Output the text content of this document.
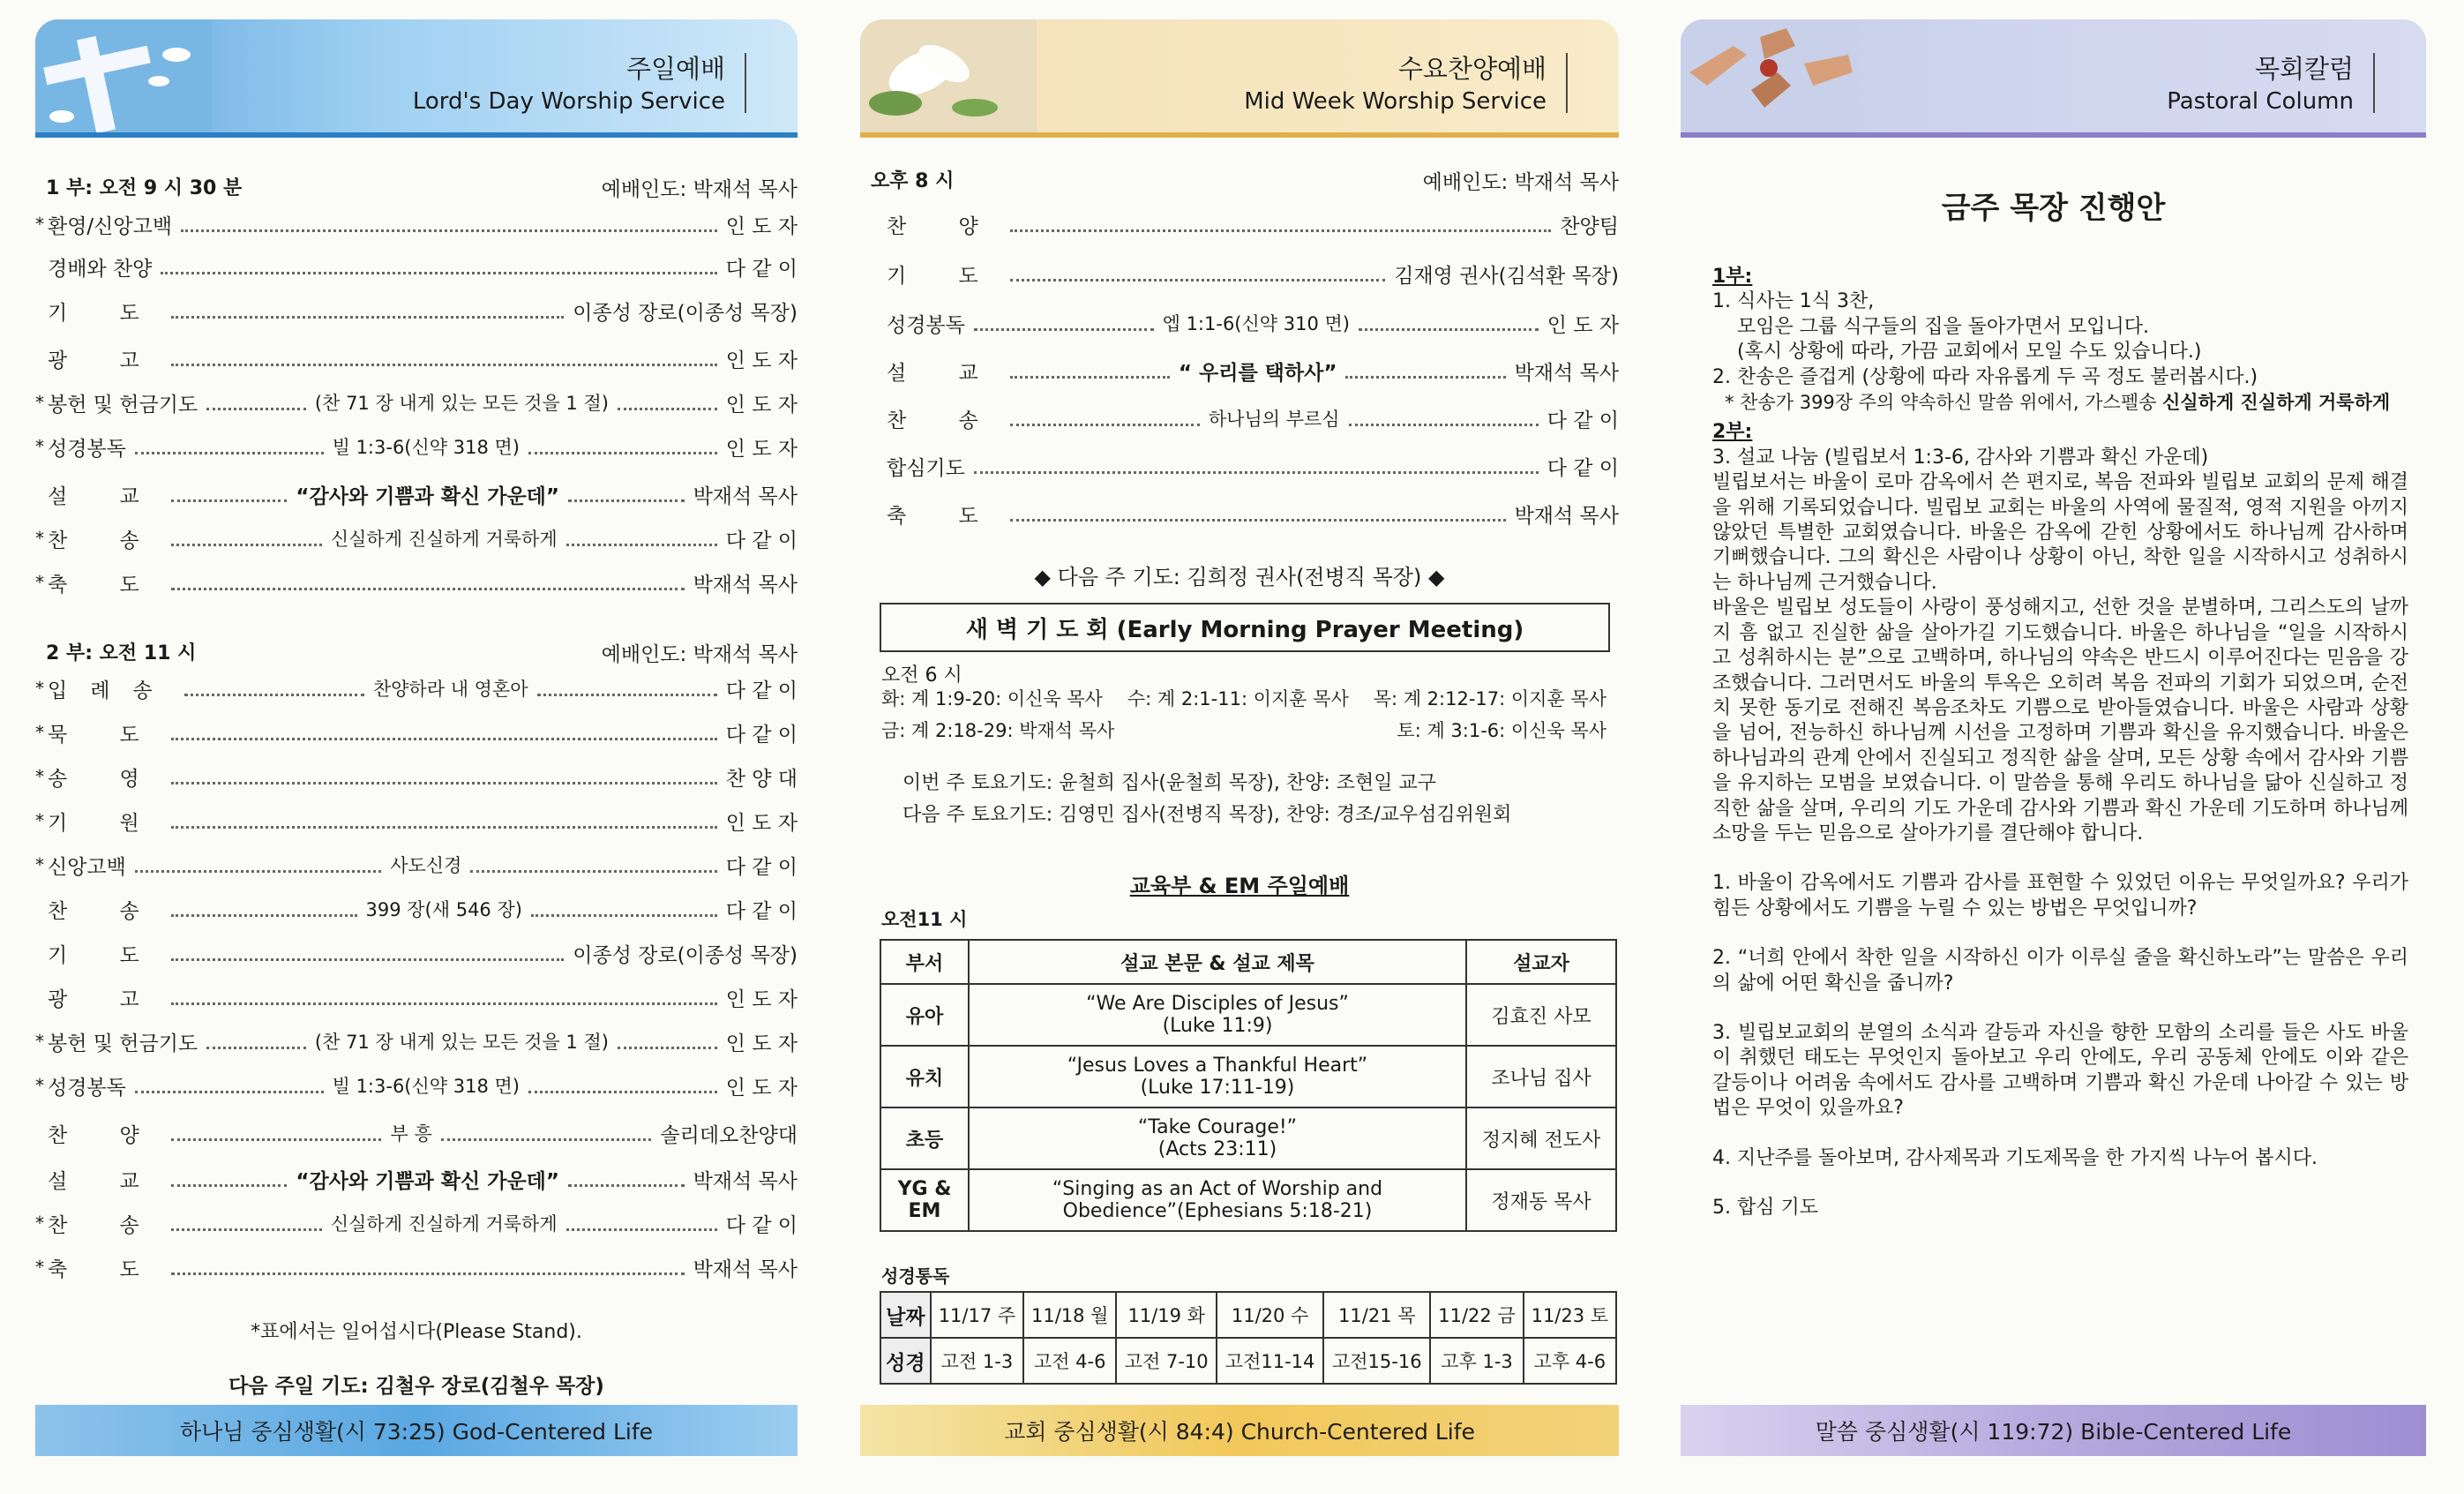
주일예배
Lord's Day Worship Service
1 부: 오전 9 시 30 분	예배인도: 박재석 목사
* 환영/신앙고백	인 도 자
경배와 찬양	다 같 이
기 도	이종성 장로(이종성 목장)
광 고	인 도 자
* 봉헌 및 헌금기도	(찬 71 장 내게 있는 모든 것을 1 절)	인 도 자
* 성경봉독	빌 1:3-6(신약 318 면)	인 도 자
설 교	“감사와 기쁨과 확신 가운데”	박재석 목사
* 찬 송	신실하게 진실하게 거룩하게	다 같 이
* 축 도	박재석 목사
2 부: 오전 11 시	예배인도: 박재석 목사
* 입례송	찬양하라 내 영혼아	다 같 이
* 묵 도	다 같 이
* 송 영	찬 양 대
* 기 원	인 도 자
* 신앙고백	사도신경	다 같 이
찬 송	399 장(새 546 장)	다 같 이
기 도	이종성 장로(이종성 목장)
광 고	인 도 자
* 봉헌 및 헌금기도	(찬 71 장 내게 있는 모든 것을 1 절)	인 도 자
* 성경봉독	빌 1:3-6(신약 318 면)	인 도 자
찬 양	부 흥	솔리데오찬양대
설 교	“감사와 기쁨과 확신 가운데”	박재석 목사
* 찬 송	신실하게 진실하게 거룩하게	다 같 이
* 축 도	박재석 목사
*표에서는 일어섭시다(Please Stand).
다음 주일 기도: 김철우 장로(김철우 목장)
하나님 중심생활(시 73:25) God-Centered Life
수요찬양예배
Mid Week Worship Service
오후 8 시	예배인도: 박재석 목사
찬 양	찬양팀
기 도	김재영 권사(김석환 목장)
성경봉독	엡 1:1-6(신약 310 면)	인 도 자
설 교	“ 우리를 택하사”	박재석 목사
찬 송	하나님의 부르심	다 같 이
합심기도	다 같 이
축 도	박재석 목사
◆ 다음 주 기도: 김희정 권사(전병직 목장) ◆
새 벽 기 도 회 (Early Morning Prayer Meeting)
오전 6 시
화: 계 1:9-20: 이신욱 목사 수: 계 2:1-11: 이지훈 목사 목: 계 2:12-17: 이지훈 목사
금: 계 2:18-29: 박재석 목사	토: 계 3:1-6: 이신욱 목사
이번 주 토요기도: 윤철희 집사(윤철희 목장), 찬양: 조현일 교구
다음 주 토요기도: 김영민 집사(전병직 목장), 찬양: 경조/교우섬김위원회
교육부 & EM 주일예배
오전11 시
부서	설교 본문 & 설교 제목	설교자
유아	“We Are Disciples of Jesus”
(Luke 11:9)	김효진 사모
유치	“Jesus Loves a Thankful Heart”
(Luke 17:11-19)	조나님 집사
초등	“Take Courage!”
(Acts 23:11)	정지혜 전도사
YG & EM	“Singing as an Act of Worship and
Obedience”(Ephesians 5:18-21)	정재동 목사
성경통독
날짜	11/17 주	11/18 월	11/19 화	11/20 수	11/21 목	11/22 금	11/23 토
성경	고전 1-3	고전 4-6	고전 7-10	고전11-14	고전15-16	고후 1-3	고후 4-6
교회 중심생활(시 84:4) Church-Centered Life
목회칼럼
Pastoral Column
금주 목장 진행안

1부:

1. 식사는 1식 3찬,

모임은 그룹 식구들의 집을 돌아가면서 모입니다.

(혹시 상황에 따라, 가끔 교회에서 모일 수도 있습니다.)

2. 찬송은 즐겁게 (상황에 따라 자유롭게 두 곡 정도 불러봅시다.)

* 찬송가 399장 주의 약속하신 말씀 위에서, 가스펠송 신실하게 진실하게 거룩하게

2부:

3. 설교 나눔 (빌립보서 1:3-6, 감사와 기쁨과 확신 가운데)

빌립보서는 바울이 로마 감옥에서 쓴 편지로, 복음 전파와 빌립보 교회의 문제 해결을 위해 기록되었습니다. 빌립보 교회는 바울의 사역에 물질적, 영적 지원을 아끼지 않았던 특별한 교회였습니다. 바울은 감옥에 갇힌 상황에서도 하나님께 감사하며 기뻐했습니다. 그의 확신은 사람이나 상황이 아닌, 착한 일을 시작하시고 성취하시는 하나님께 근거했습니다.

바울은 빌립보 성도들이 사랑이 풍성해지고, 선한 것을 분별하며, 그리스도의 날까지 흠 없고 진실한 삶을 살아가길 기도했습니다. 바울은 하나님을 “일을 시작하시고 성취하시는 분”으로 고백하며, 하나님의 약속은 반드시 이루어진다는 믿음을 강조했습니다. 그러면서도 바울의 투옥은 오히려 복음 전파의 기회가 되었으며, 순전치 못한 동기로 전해진 복음조차도 기쁨으로 받아들였습니다. 바울은 사람과 상황을 넘어, 전능하신 하나님께 시선을 고정하며 기쁨과 확신을 유지했습니다. 바울은 하나님과의 관계 안에서 진실되고 정직한 삶을 살며, 모든 상황 속에서 감사와 기쁨을 유지하는 모범을 보였습니다. 이 말씀을 통해 우리도 하나님을 닮아 신실하고 정직한 삶을 살며, 우리의 기도 가운데 감사와 기쁨과 확신 가운데 기도하며 하나님께 소망을 두는 믿음으로 살아가기를 결단해야 합니다.

1. 바울이 감옥에서도 기쁨과 감사를 표현할 수 있었던 이유는 무엇일까요? 우리가 힘든 상황에서도 기쁨을 누릴 수 있는 방법은 무엇입니까?

2. “너희 안에서 착한 일을 시작하신 이가 이루실 줄을 확신하노라”는 말씀은 우리의 삶에 어떤 확신을 줍니까?

3. 빌립보교회의 분열의 소식과 갈등과 자신을 향한 모함의 소리를 들은 사도 바울이 취했던 태도는 무엇인지 돌아보고 우리 안에도, 우리 공동체 안에도 이와 같은 갈등이나 어려움 속에서도 감사를 고백하며 기쁨과 확신 가운데 나아갈 수 있는 방법은 무엇이 있을까요?

4. 지난주를 돌아보며, 감사제목과 기도제목을 한 가지씩 나누어 봅시다.

5. 합심 기도

말씀 중심생활(시 119:72) Bible-Centered Life
